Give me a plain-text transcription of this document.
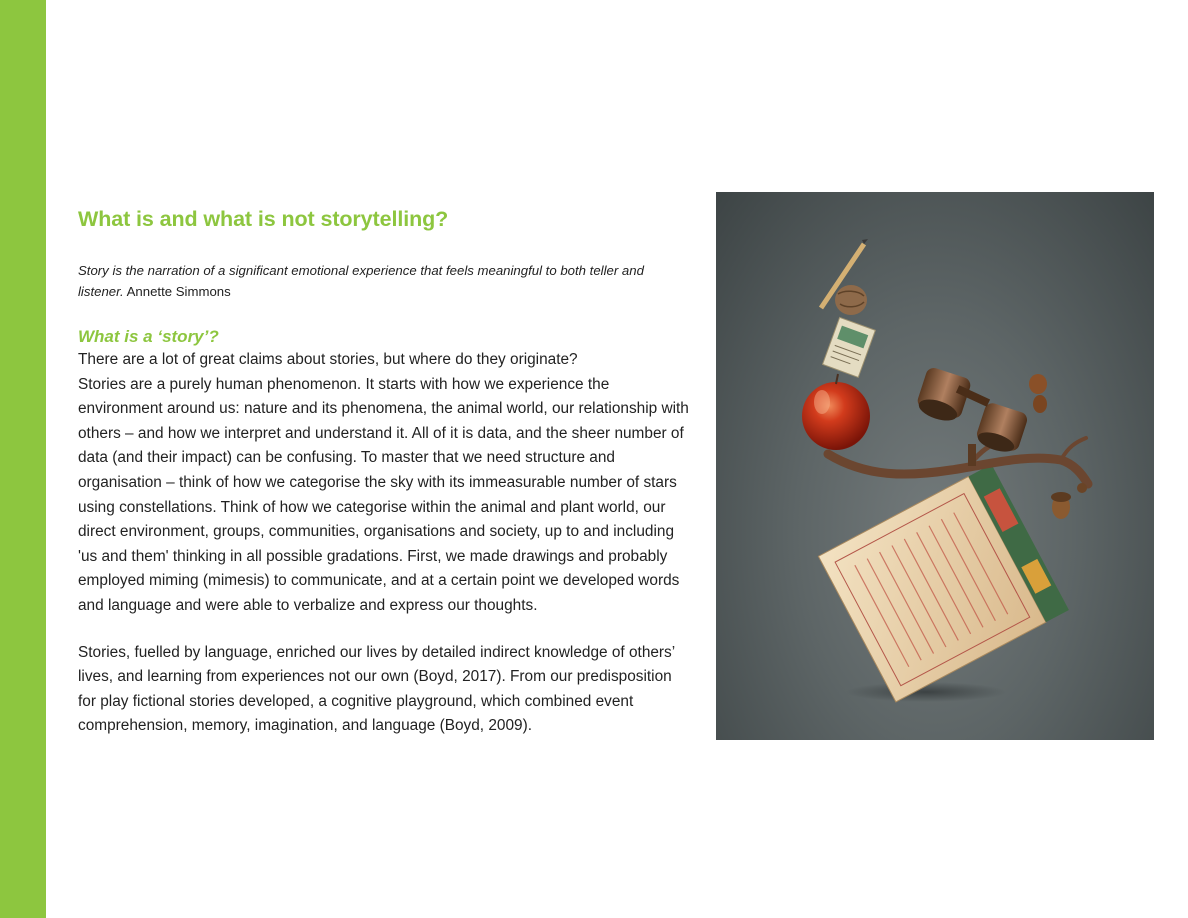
What is and what is not storytelling?

Story is the narration of a significant emotional experience that feels meaningful to both teller and listener. Annette Simmons

What is a ‘story’?

There are a lot of great claims about stories, but where do they originate?

Stories are a purely human phenomenon. It starts with how we experience the environment around us: nature and its phenomena, the animal world, our relationship with others – and how we interpret and understand it. All of it is data, and the sheer number of data (and their impact) can be confusing. To master that we need structure and organisation – think of how we categorise the sky with its immeasurable number of stars using constellations. Think of how we categorise within the animal and plant world, our direct environment, groups, communities, organisations and society, up to and including 'us and them' thinking in all possible gradations. First, we made drawings and probably employed miming (mimesis) to communicate, and at a certain point we developed words and language and were able to verbalize and express our thoughts.

Stories, fuelled by language, enriched our lives by detailed indirect knowledge of others’ lives, and learning from experiences not our own (Boyd, 2017). From our predisposition for play fictional stories developed, a cognitive playground, which combined event comprehension, memory, imagination, and language (Boyd, 2009).
